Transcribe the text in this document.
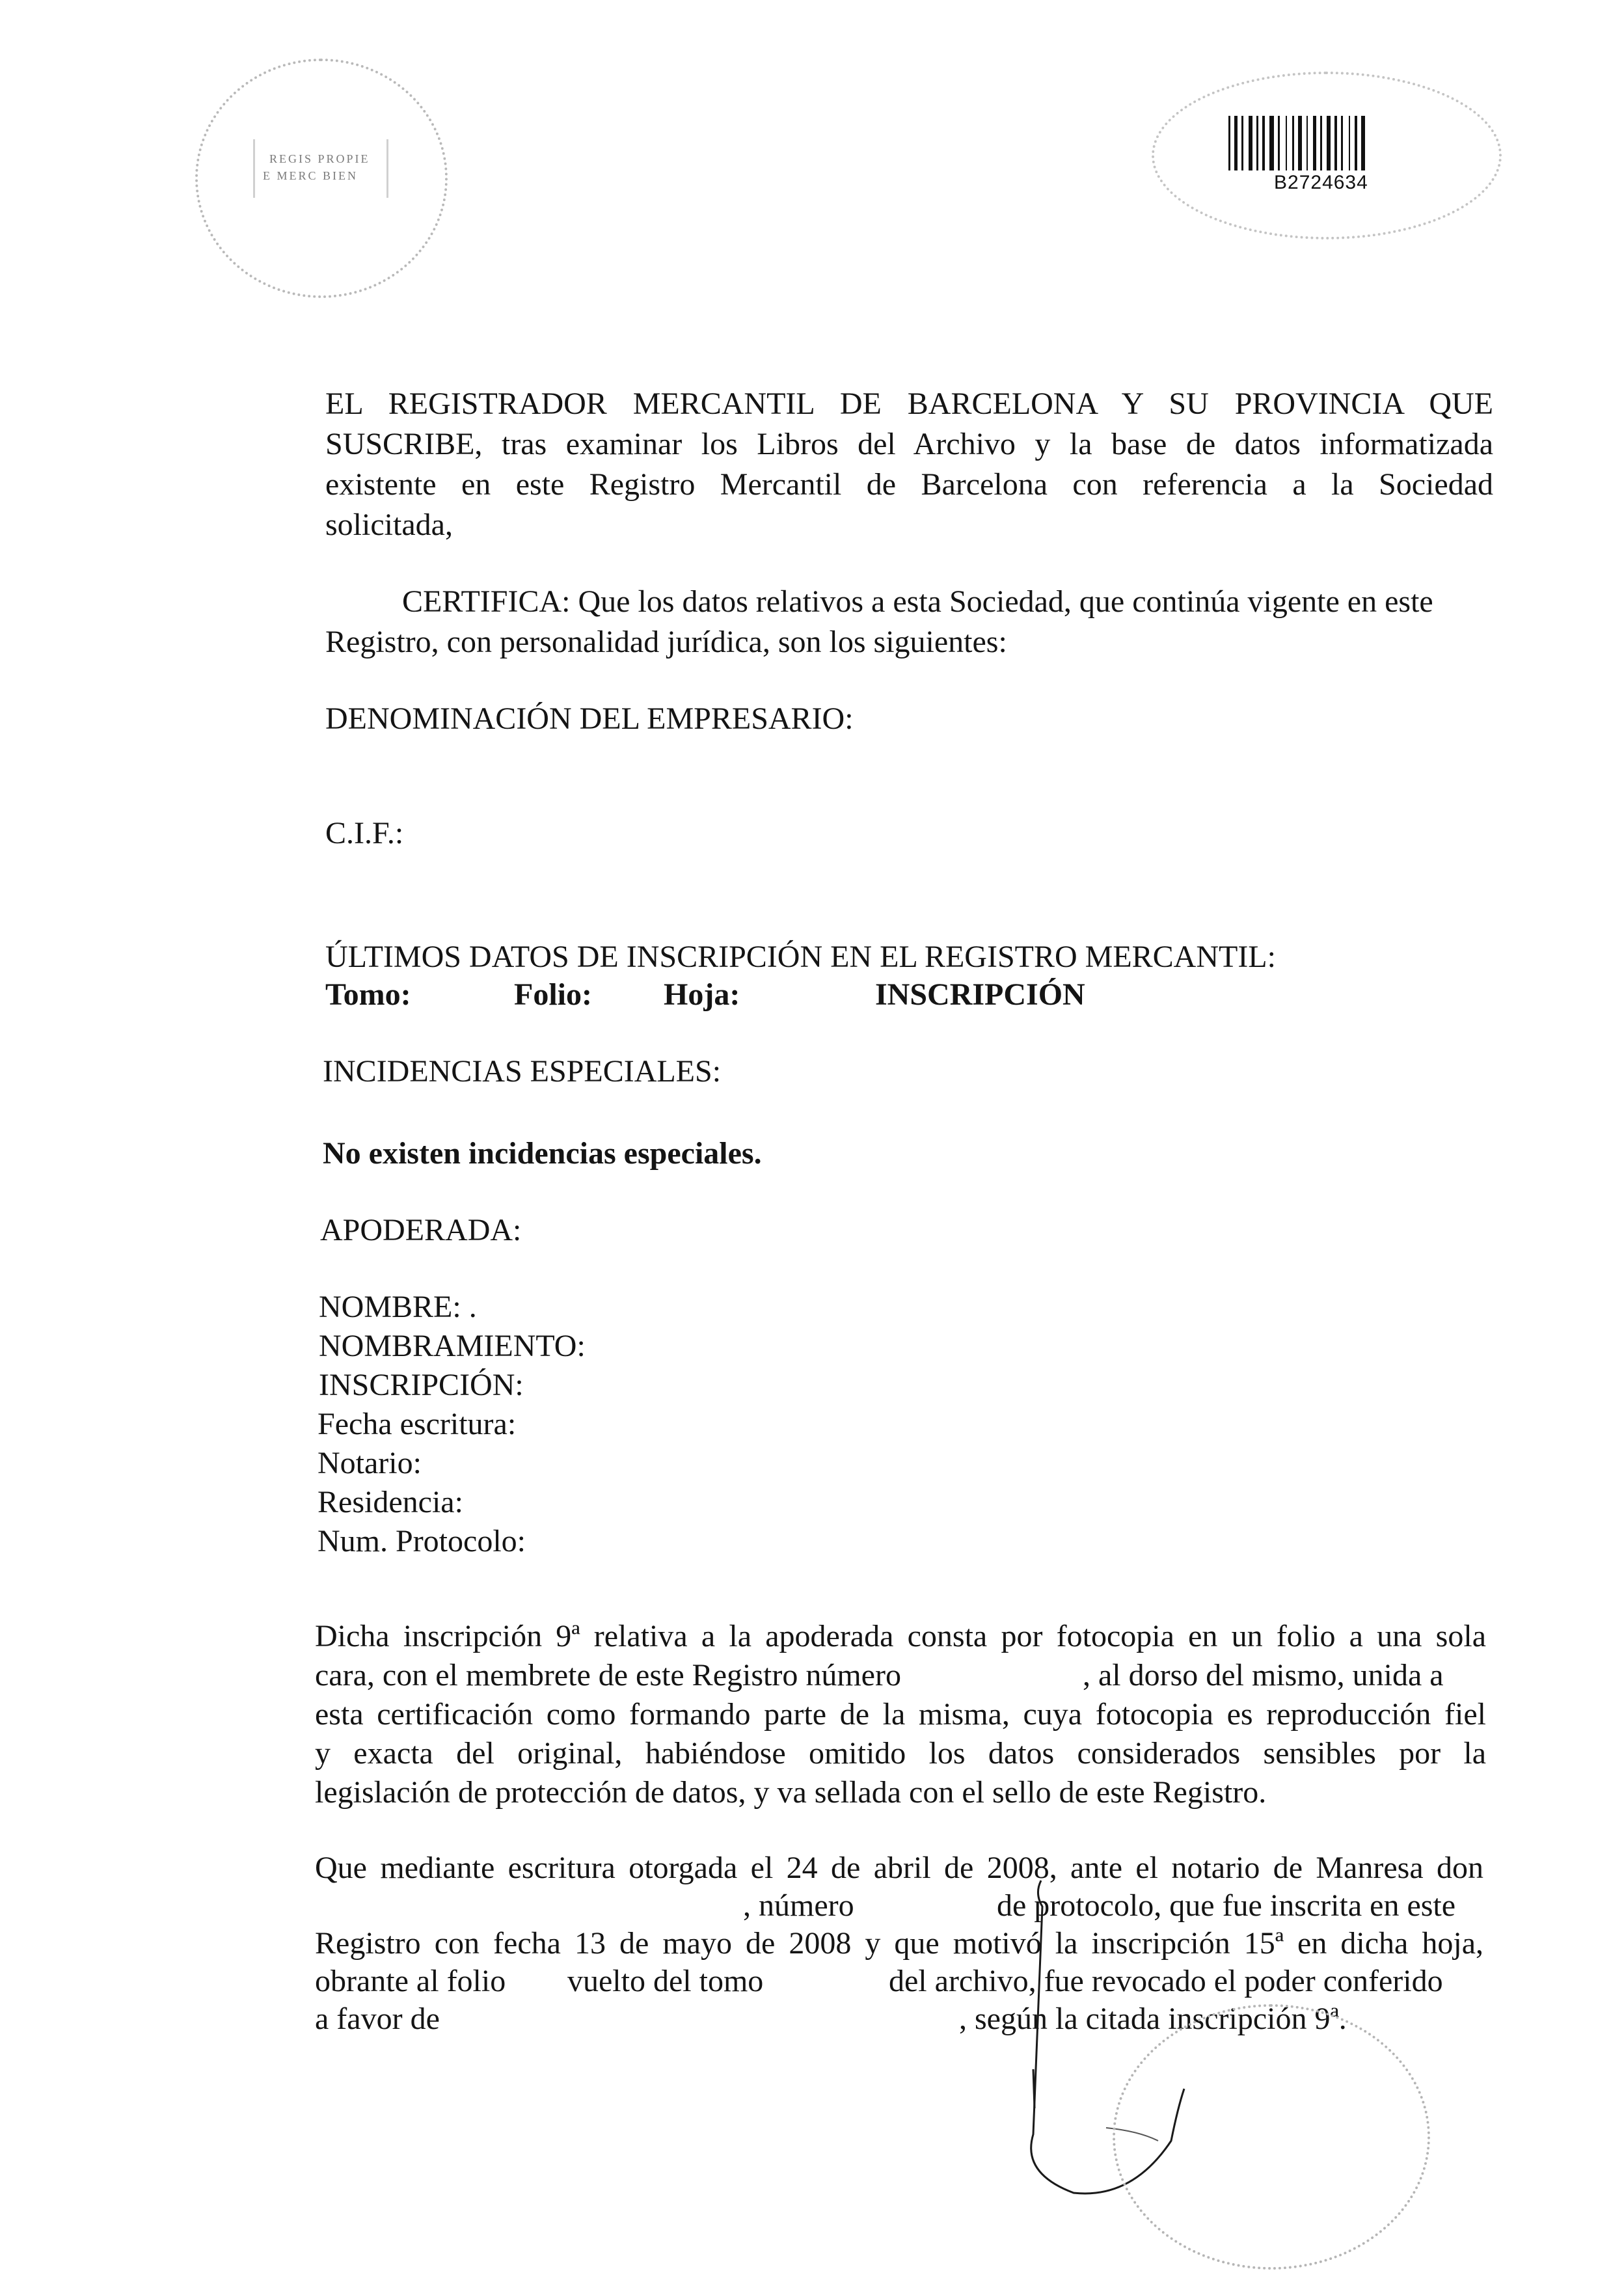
REGIS PROPIE
E MERC BIEN	B2724634
EL REGISTRADOR MERCANTIL DE BARCELONA Y SU PROVINCIA QUE
SUSCRIBE, tras examinar los Libros del Archivo y la base de datos informatizada
existente en este Registro Mercantil de Barcelona con referencia a la Sociedad
solicitada,
CERTIFICA: Que los datos relativos a esta Sociedad, que continúa vigente en este
Registro, con personalidad jurídica, son los siguientes:
DENOMINACIÓN DEL EMPRESARIO:
C.I.F.:
ÚLTIMOS DATOS DE INSCRIPCIÓN EN EL REGISTRO MERCANTIL:
Tomo:	Folio: Hoja:	INSCRIPCIÓN
INCIDENCIAS ESPECIALES:
No existen incidencias especiales.
APODERADA:
NOMBRE: .
NOMBRAMIENTO:
INSCRIPCIÓN:
Fecha escritura:
Notario:
Residencia:
Num. Protocolo:
Dicha inscripción 9ª relativa a la apoderada consta por fotocopia en un folio a una sola
cara, con el membrete de este Registro número	, al dorso del mismo, unida a
esta certificación como formando parte de la misma, cuya fotocopia es reproducción fiel
y exacta del original, habiéndose omitido los datos considerados sensibles por la
legislación de protección de datos, y va sellada con el sello de este Registro.
Que mediante escritura otorgada el 24 de abril de 2008, ante el notario de Manresa don
, número	de protocolo, que fue inscrita en este
Registro con fecha 13 de mayo de 2008 y que motivó la inscripción 15ª en dicha hoja,
obrante al folio vuelto del tomo	del archivo, fue revocado el poder conferido
a favor de	, según la citada inscripción 9ª.
